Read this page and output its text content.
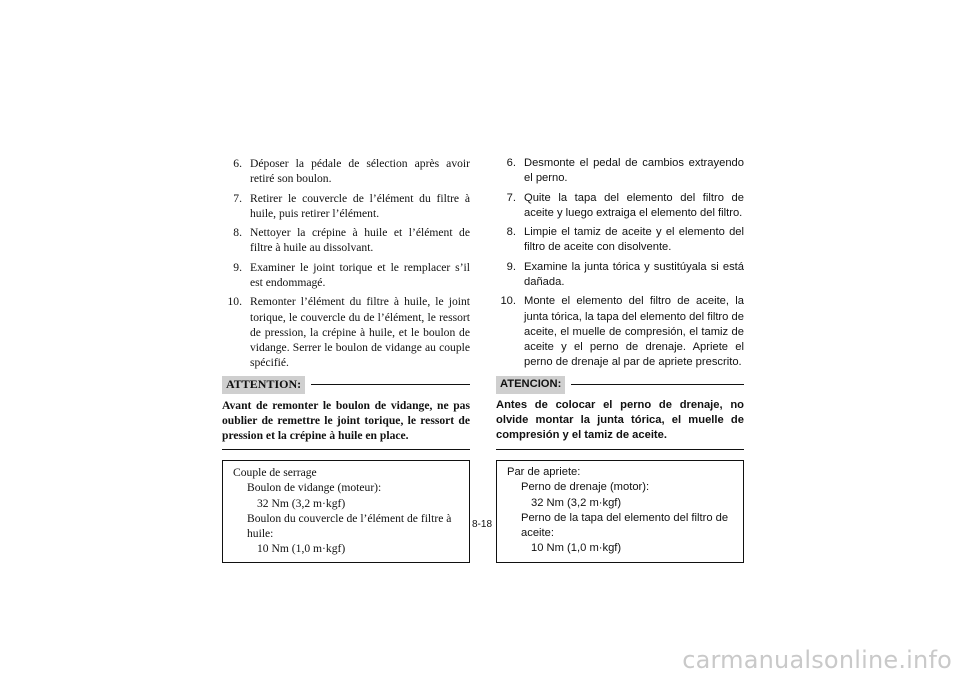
6. Déposer la pédale de sélection après avoir retiré son boulon.
7. Retirer le couvercle de l’élément du filtre à huile, puis retirer l’élément.
8. Nettoyer la crépine à huile et l’élément de filtre à huile au dissolvant.
9. Examiner le joint torique et le remplacer s’il est endommagé.
10. Remonter l’élément du filtre à huile, le joint torique, le couvercle du de l’élément, le ressort de pression, la crépine à huile, et le boulon de vidange. Serrer le boulon de vidange au couple spécifié.
ATTENTION:
Avant de remonter le boulon de vidange, ne pas oublier de remettre le joint torique, le ressort de pression et la crépine à huile en place.
Couple de serrage
Boulon de vidange (moteur):
32 Nm (3,2 m·kgf)
Boulon du couvercle de l’élément de filtre à huile:
10 Nm (1,0 m·kgf)
6. Desmonte el pedal de cambios extrayendo el perno.
7. Quite la tapa del elemento del filtro de aceite y luego extraiga el elemento del filtro.
8. Limpie el tamiz de aceite y el elemento del filtro de aceite con disolvente.
9. Examine la junta tórica y sustitúyala si está dañada.
10. Monte el elemento del filtro de aceite, la junta tórica, la tapa del elemento del filtro de aceite, el muelle de compresión, el tamiz de aceite y el perno de drenaje. Apriete el perno de drenaje al par de apriete prescrito.
ATENCION:
Antes de colocar el perno de drenaje, no olvide montar la junta tórica, el muelle de compresión y el tamiz de aceite.
Par de apriete:
Perno de drenaje (motor):
32 Nm (3,2 m·kgf)
Perno de la tapa del elemento del filtro de aceite:
10 Nm (1,0 m·kgf)
8-18
carmanualsonline.info
